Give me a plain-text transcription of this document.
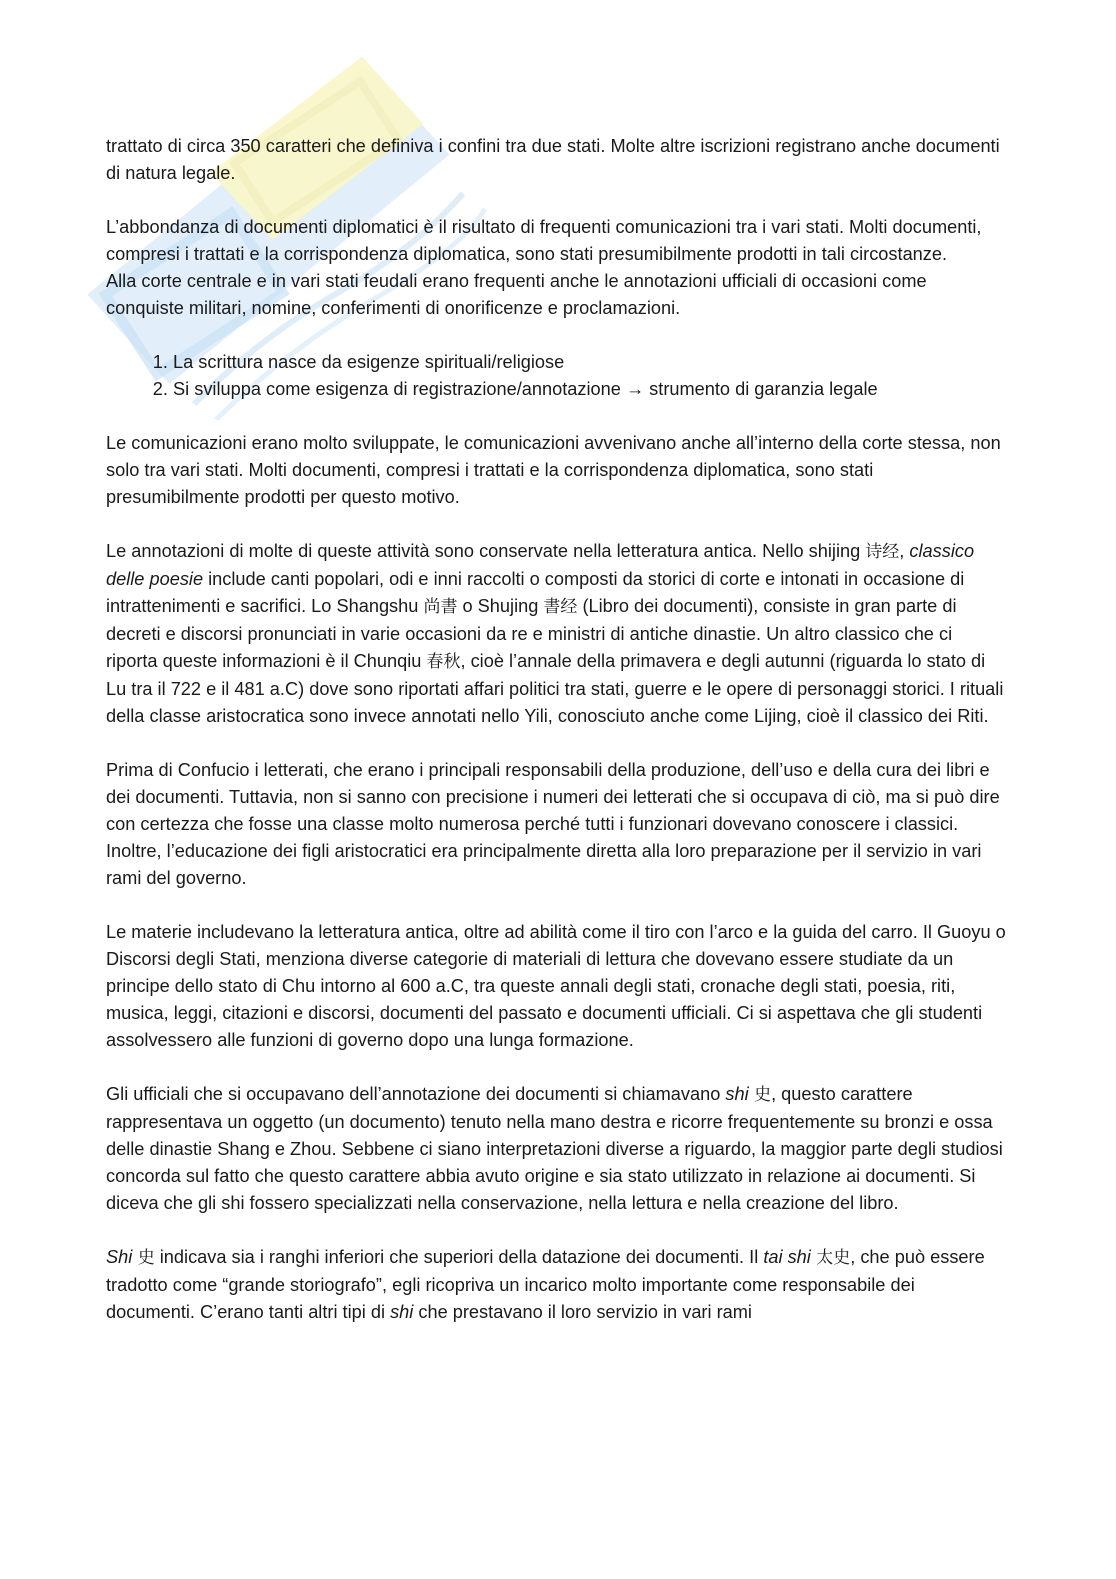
trattato di circa 350 caratteri che definiva i confini tra due stati. Molte altre iscrizioni registrano anche documenti di natura legale.

L’abbondanza di documenti diplomatici è il risultato di frequenti comunicazioni tra i vari stati. Molti documenti, compresi i trattati e la corrispondenza diplomatica, sono stati presumibilmente prodotti in tali circostanze.

Alla corte centrale e in vari stati feudali erano frequenti anche le annotazioni ufficiali di occasioni come conquiste militari, nomine, conferimenti di onorificenze e proclamazioni.

1. La scrittura nasce da esigenze spirituali/religiose
2. Si sviluppa come esigenza di registrazione/annotazione → strumento di garanzia legale

Le comunicazioni erano molto sviluppate, le comunicazioni avvenivano anche all’interno della corte stessa, non solo tra vari stati. Molti documenti, compresi i trattati e la corrispondenza diplomatica, sono stati presumibilmente prodotti per questo motivo.

Le annotazioni di molte di queste attività sono conservate nella letteratura antica. Nello shijing 诗经, classico delle poesie include canti popolari, odi e inni raccolti o composti da storici di corte e intonati in occasione di intrattenimenti e sacrifici. Lo Shangshu 尚書 o Shujing 書经 (Libro dei documenti), consiste in gran parte di decreti e discorsi pronunciati in varie occasioni da re e ministri di antiche dinastie. Un altro classico che ci riporta queste informazioni è il Chunqiu 春秋, cioè l’annale della primavera e degli autunni (riguarda lo stato di Lu tra il 722 e il 481 a.C) dove sono riportati affari politici tra stati, guerre e le opere di personaggi storici. I rituali della classe aristocratica sono invece annotati nello Yili, conosciuto anche come Lijing, cioè il classico dei Riti.

Prima di Confucio i letterati, che erano i principali responsabili della produzione, dell’uso e della cura dei libri e dei documenti. Tuttavia, non si sanno con precisione i numeri dei letterati che si occupava di ciò, ma si può dire con certezza che fosse una classe molto numerosa perché tutti i funzionari dovevano conoscere i classici. Inoltre, l’educazione dei figli aristocratici era principalmente diretta alla loro preparazione per il servizio in vari rami del governo.

Le materie includevano la letteratura antica, oltre ad abilità come il tiro con l’arco e la guida del carro. Il Guoyu o Discorsi degli Stati, menziona diverse categorie di materiali di lettura che dovevano essere studiate da un principe dello stato di Chu intorno al 600 a.C, tra queste annali degli stati, cronache degli stati, poesia, riti, musica, leggi, citazioni e discorsi, documenti del passato e documenti ufficiali. Ci si aspettava che gli studenti assolvessero alle funzioni di governo dopo una lunga formazione.

Gli ufficiali che si occupavano dell’annotazione dei documenti si chiamavano shi 史, questo carattere rappresentava un oggetto (un documento) tenuto nella mano destra e ricorre frequentemente su bronzi e ossa delle dinastie Shang e Zhou. Sebbene ci siano interpretazioni diverse a riguardo, la maggior parte degli studiosi concorda sul fatto che questo carattere abbia avuto origine e sia stato utilizzato in relazione ai documenti. Si diceva che gli shi fossero specializzati nella conservazione, nella lettura e nella creazione del libro.

Shi 史 indicava sia i ranghi inferiori che superiori della datazione dei documenti. Il tai shi 太史, che può essere tradotto come “grande storiografo”, egli ricopriva un incarico molto importante come responsabile dei documenti. C’erano tanti altri tipi di shi che prestavano il loro servizio in vari rami
